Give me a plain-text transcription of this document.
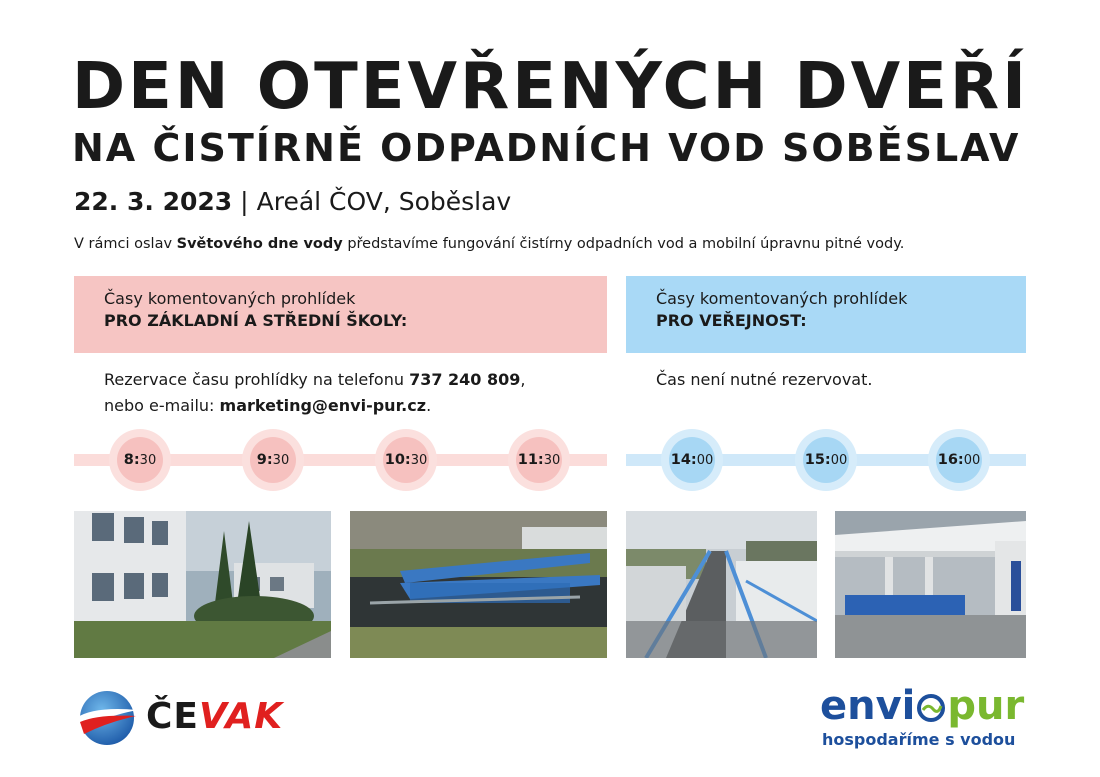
DEN OTEVŘENÝCH DVEŘÍ
NA ČISTÍRNĚ ODPADNÍCH VOD SOBĚSLAV
22. 3. 2023 | Areál ČOV, Soběslav
V rámci oslav Světového dne vody představíme fungování čistírny odpadních vod a mobilní úpravnu pitné vody.
Časy komentovaných prohlídek
PRO ZÁKLADNÍ A STŘEDNÍ ŠKOLY:
Rezervace času prohlídky na telefonu 737 240 809,
nebo e-mailu: marketing@envi-pur.cz.
Časy komentovaných prohlídek
PRO VEŘEJNOST:
Čas není nutné rezervovat.
8: 30	9: 30	10: 30	11: 30	14: 00	15: 00	16: 00
ČEVAK	envi pur
hospodaříme s vodou
